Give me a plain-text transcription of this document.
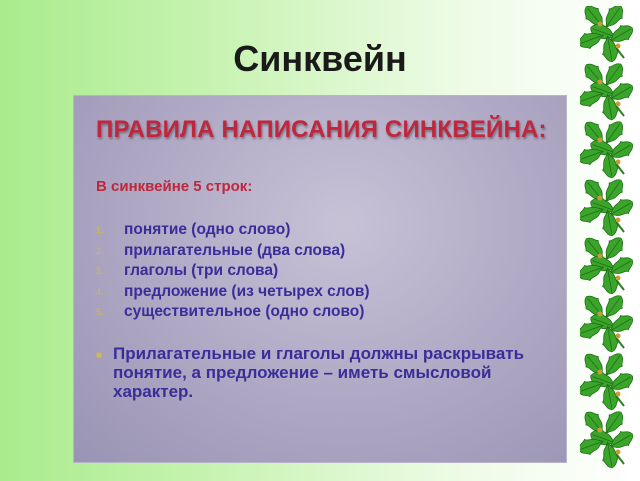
Синквейн
ПРАВИЛА НАПИСАНИЯ СИНКВЕЙНА:
В синквейне 5 строк:
1. понятие (одно слово)
2. прилагательные (два слова)
3. глаголы (три слова)
4. предложение (из четырех слов)
5. существительное (одно слово)
■ Прилагательные и глаголы должны раскрывать понятие, а предложение – иметь смысловой характер.
